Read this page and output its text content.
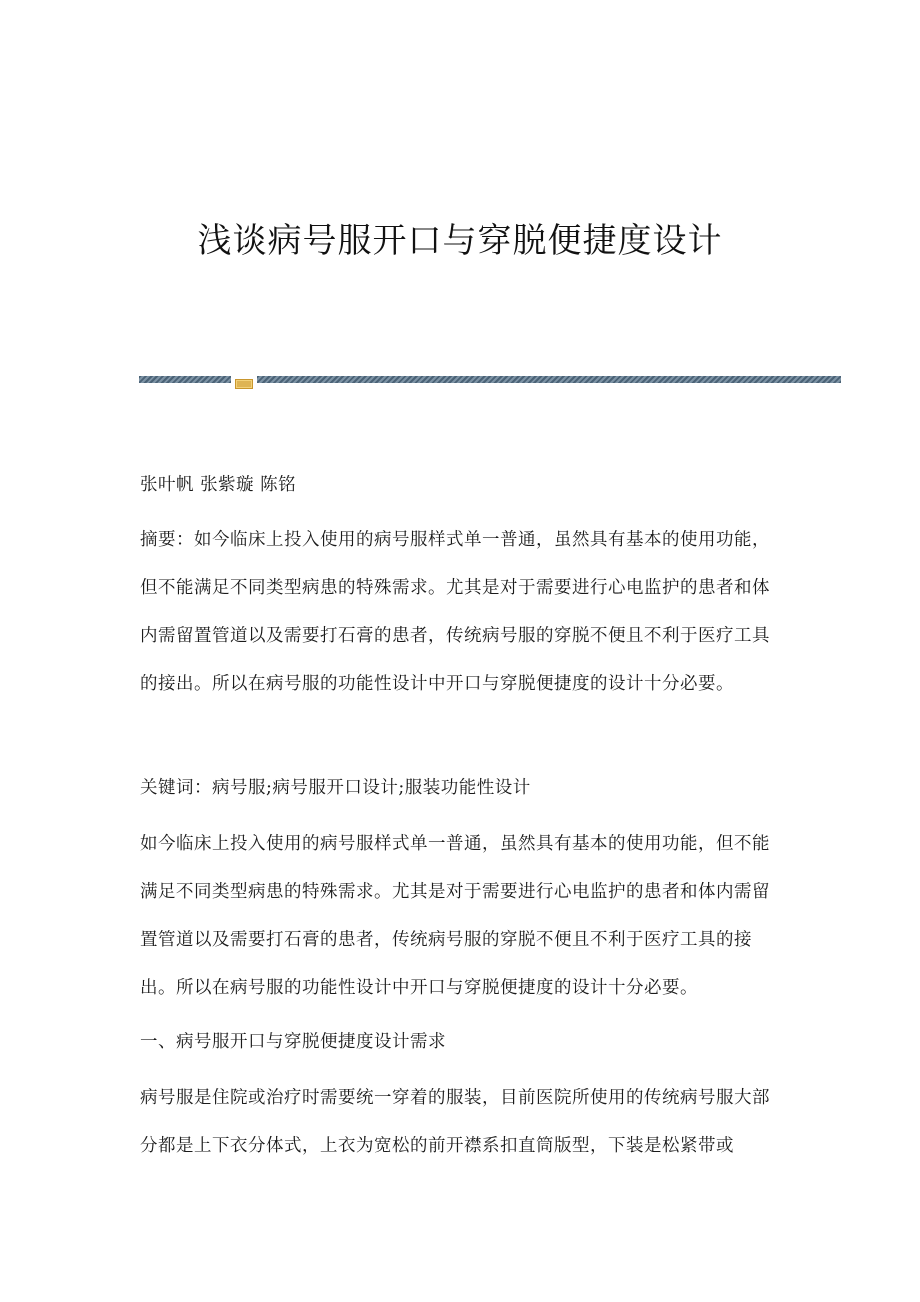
浅谈病号服开口与穿脱便捷度设计

张叶帆 张紫璇 陈铭

摘要：如今临床上投入使用的病号服样式单一普通，虽然具有基本的使用功能，但不能满足不同类型病患的特殊需求。尤其是对于需要进行心电监护的患者和体内需留置管道以及需要打石膏的患者，传统病号服的穿脱不便且不利于医疗工具的接出。所以在病号服的功能性设计中开口与穿脱便捷度的设计十分必要。

关键词：病号服;病号服开口设计;服装功能性设计

如今临床上投入使用的病号服样式单一普通，虽然具有基本的使用功能，但不能满足不同类型病患的特殊需求。尤其是对于需要进行心电监护的患者和体内需留置管道以及需要打石膏的患者，传统病号服的穿脱不便且不利于医疗工具的接出。所以在病号服的功能性设计中开口与穿脱便捷度的设计十分必要。

一、病号服开口与穿脱便捷度设计需求

病号服是住院或治疗时需要统一穿着的服装，目前医院所使用的传统病号服大部分都是上下衣分体式，上衣为宽松的前开襟系扣直筒版型，下装是松紧带或
